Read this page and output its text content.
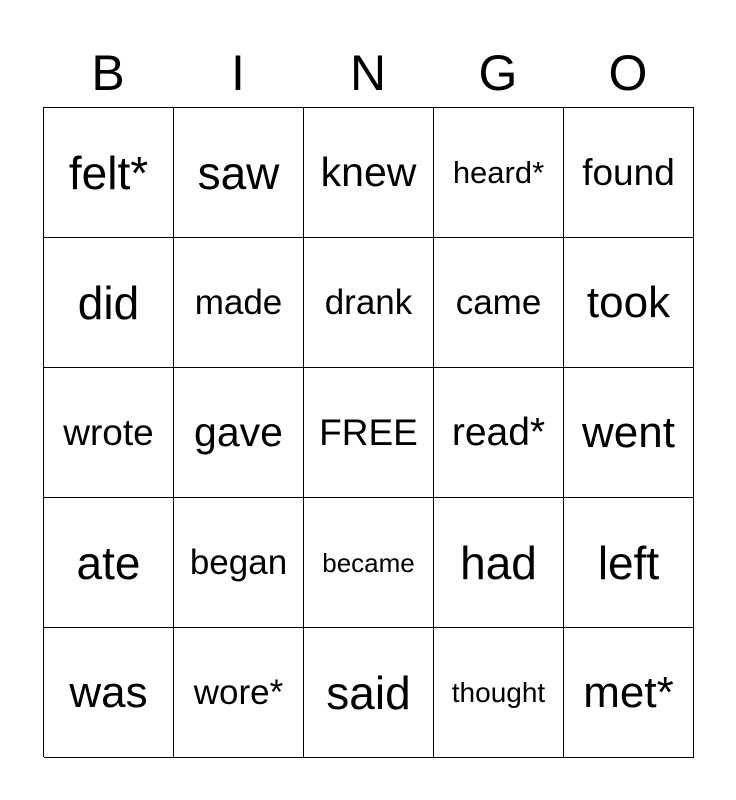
B	I	N	G	O
felt* saw knew heard* found
did made drank came took
wrote gave FREE read* went
ate began became had left
was wore* said thought met*
